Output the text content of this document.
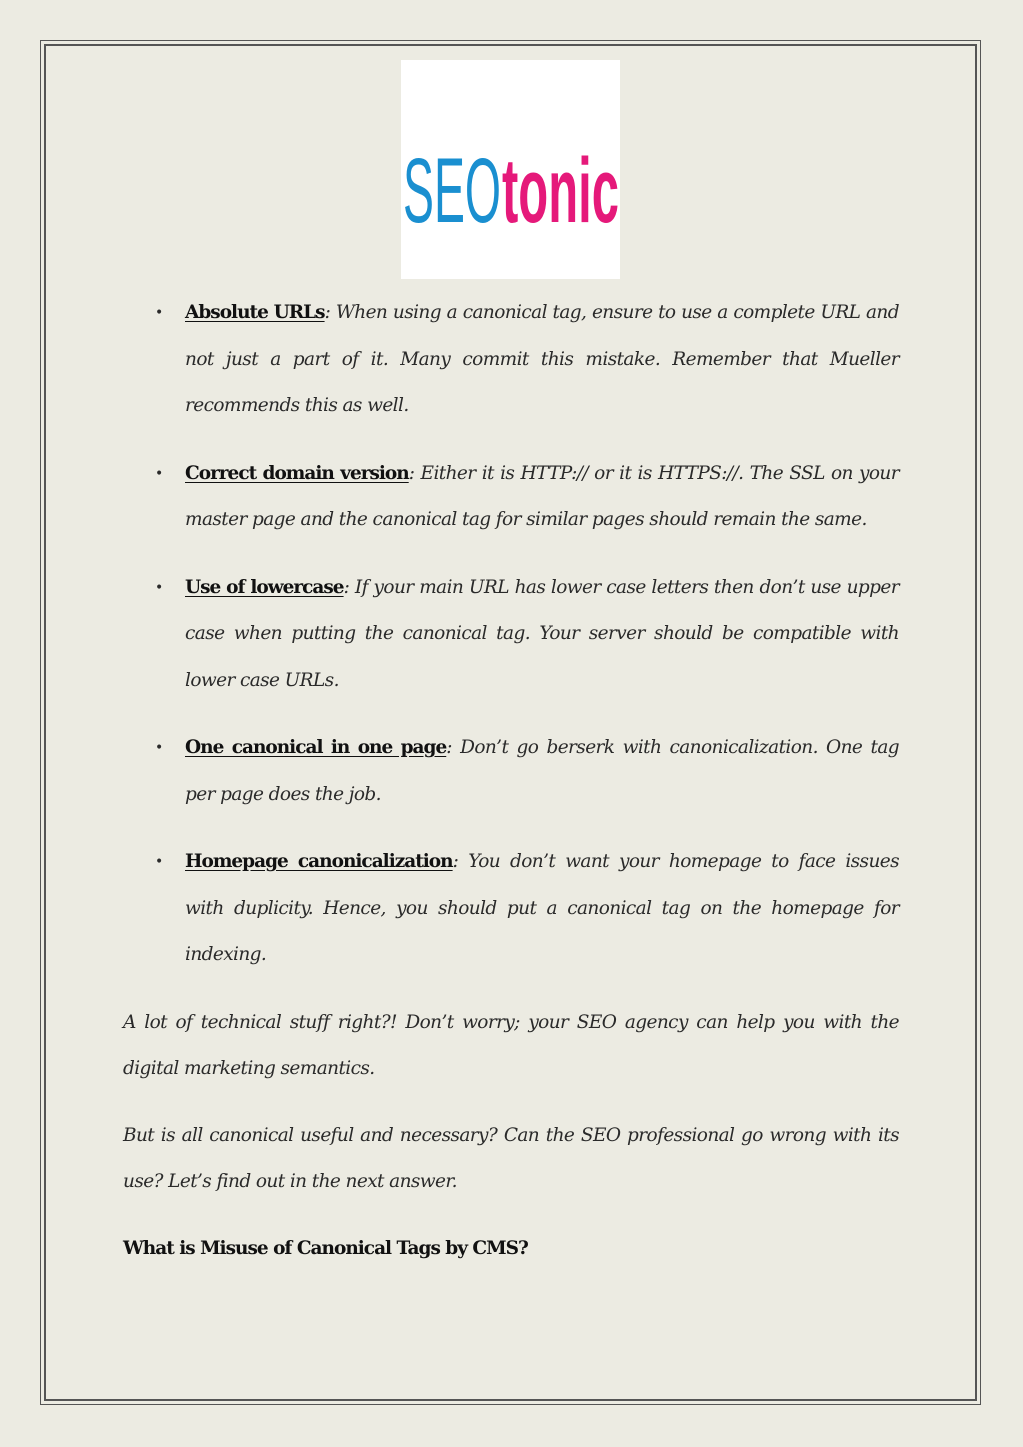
SEO tonic
• Absolute URLs: When using a canonical tag, ensure to use a complete URL and not just a part of it. Many commit this mistake. Remember that Mueller recommends this as well.
• Correct domain version: Either it is HTTP:// or it is HTTPS://. The SSL on your master page and the canonical tag for similar pages should remain the same.
• Use of lowercase: If your main URL has lower case letters then don’t use upper case when putting the canonical tag. Your server should be compatible with lower case URLs.
• One canonical in one page: Don’t go berserk with canonicalization. One tag per page does the job.
• Homepage canonicalization: You don’t want your homepage to face issues with duplicity. Hence, you should put a canonical tag on the homepage for indexing.

A lot of technical stuff right?! Don’t worry; your SEO agency can help you with the digital marketing semantics.

But is all canonical useful and necessary? Can the SEO professional go wrong with its use? Let’s find out in the next answer.

What is Misuse of Canonical Tags by CMS?
